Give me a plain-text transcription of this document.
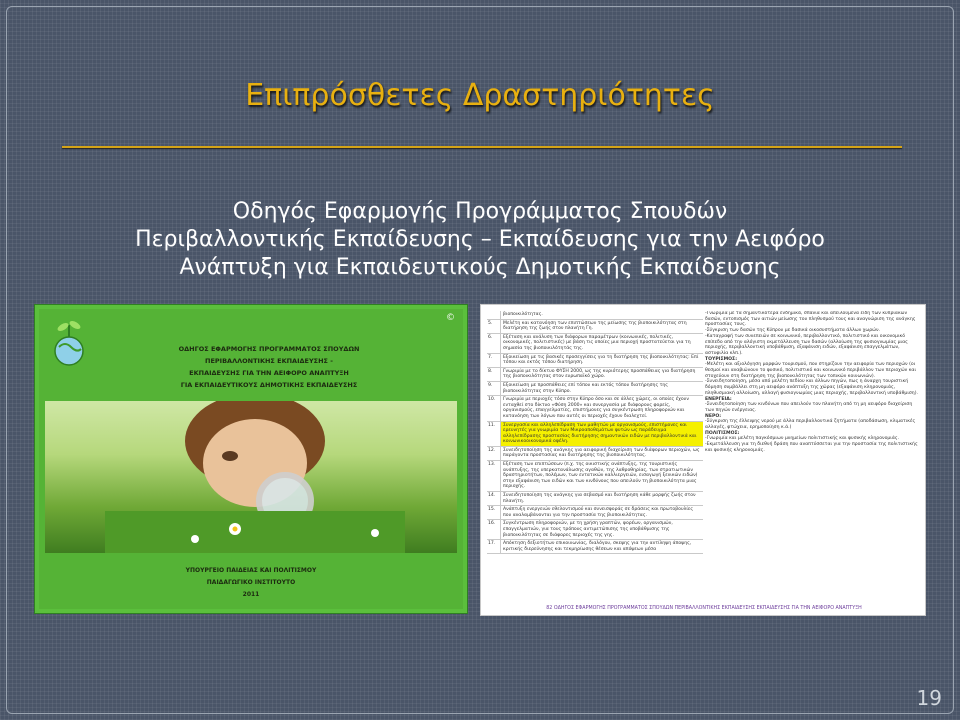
Επιπρόσθετες Δραστηριότητες
Οδηγός Εφαρμογής Προγράμματος Σπουδών
Περιβαλλοντικής Εκπαίδευσης – Εκπαίδευσης για την Αειφόρο
Ανάπτυξη για Εκπαιδευτικούς Δημοτικής Εκπαίδευσης
©
ΟΔΗΓΟΣ ΕΦΑΡΜΟΓΗΣ ΠΡΟΓΡΑΜΜΑΤΟΣ ΣΠΟΥΔΩΝ
ΠΕΡΙΒΑΛΛΟΝΤΙΚΗΣ ΕΚΠΑΙΔΕΥΣΗΣ -
ΕΚΠΑΙΔΕΥΣΗΣ ΓΙΑ ΤΗΝ ΑΕΙΦΟΡΟ ΑΝΑΠΤΥΞΗ
ΓΙΑ ΕΚΠΑΙΔΕΥΤΙΚΟΥΣ ΔΗΜΟΤΙΚΗΣ ΕΚΠΑΙΔΕΥΣΗΣ
ΥΠΟΥΡΓΕΙΟ ΠΑΙΔΕΙΑΣ ΚΑΙ ΠΟΛΙΤΙΣΜΟΥ
ΠΑΙΔΑΓΩΓΙΚΟ ΙΝΣΤΙΤΟΥΤΟ
2011
βιοποικιλότητας.
5.	Μελέτη και κατανόηση των επιπτώσεων της μείωσης της βιοποικιλότητας στη διατήρηση της ζωής στον πλανήτη Γη.
6.	Εξέταση και ανάλυση των διάφορων παραμέτρων (κοινωνικές, πολιτικές, οικονομικές, πολιτιστικές) με βάση τις οποίες μια περιοχή προστατεύεται για τη σημασία της βιοποικιλότητάς της.
7.	Εξοικείωση με τις βασικές προσεγγίσεις για τη διατήρηση της βιοποικιλότητας: Επί τόπου και εκτός τόπου διατήρηση.
8.	Γνωριμία με το δίκτυο ΦΥΣΗ 2000, ως της κυριότερης προσπάθειας για διατήρηση της βιοποικιλότητας στον ευρωπαϊκό χώρο.
9.	Εξοικείωση με προσπάθειες επί τόπου και εκτός τόπου διατήρησης της βιοποικιλότητας στην Κύπρο.
10.	Γνωριμία με περιοχές τόσο στην Κύπρο όσο και σε άλλες χώρες, οι οποίες έχουν ενταχθεί στο δίκτυο «Φύση 2000» και συνεργασία με διάφορους φορείς, οργανισμούς, επαγγελματίες, επιστήμονες για συγκέντρωση πληροφοριών και κατανόηση των λόγων που αυτές οι περιοχές έχουν διαλεχτεί.
11.	Συνεργασία και αλληλεπίδραση των μαθητών με οργανισμούς, επιστήμονες και ερευνητές για γνωριμία των Μικροαποθεμάτων φυτών ως παράδειγμα αλληλεπίδρασης προστασίας διατήρησης σημαντικών ειδών με περιβαλλοντικά και κοινωνικοοικονομικά οφέλη.
12.	Συνειδητοποίηση της ανάγκης για αειφορική διαχείριση των διάφορων περιοχών, ως παράγοντα προστασίας και διατήρησης της βιοποικιλότητας.
13.	Εξέταση των επιπτώσεων (π.χ. της οικιστικής ανάπτυξης, της τουριστικής ανάπτυξης, της υπερκατανάλωσης αγαθών, της λαθροθηρίας, των στρατιωτικών δραστηριοτήτων, πολέμων, των εντατικών καλλιεργειών, εισαγωγή ξενικών ειδών) στην εξαφάνιση των ειδών και των κινδύνους που απειλούν τη βιοποικιλότητα μιας περιοχής.
14.	Συνειδητοποίηση της ανάγκης για σεβασμό και διατήρηση κάθε μορφής ζωής στον πλανήτη.
15.	Ανάπτυξη ενεργειών εθελοντισμού και συνεισφοράς σε δράσεις και πρωτοβουλίες που αναλαμβάνονται για την προστασία της βιοποικιλότητας.
16.	Συγκέντρωση πληροφοριών, με τη χρήση γραπτών, φορέων, οργανισμών, επαγγελματιών, για τους τρόπους αντιμετώπισης της υποβάθμισης της βιοποικιλότητας σε διάφορες περιοχές της γης.
17.	Απόκτηση δεξιοτήτων επικοινωνίας, διαλόγου, σκεψης για την αντίληψη άποψης, κριτικής διερεύνησης και τεκμηρίωσης θέσεων και απόψεων μέσα
-Γνωριμία με τα σημαντικότερα ενδημικά, σπάνια και απειλούμενα είδη των κυπριακών δασών, εντοπισμός των αιτιών μείωσης του πληθυσμού τους και αναγνώριση της ανάγκης προστασίας τους.
-Σύγκριση των δασών της Κύπρου με δασικά οικοσυστήματα άλλων χωρών.
-Καταγραφή των συνεπειών σε κοινωνικό, περιβαλλοντικό, πολιτιστικό και οικονομικό επίπεδο από την αλόγιστη εκμετάλλευση των δασών (αλλοίωση της φυσιογνωμίας μιας περιοχής, περιβαλλοντική υποβάθμιση, εξαφάνιση ειδών, εξαφάνιση επαγγελμάτων, αστυφιλία κλπ.).
ΤΟΥΡΙΣΜΟΣ:
-Μελέτη και αξιολόγηση μορφών τουρισμού, που στηρίζουν την αειφορία των περιοχών (οι θεσμοί και αναβιώνουν το φυσικό, πολιτιστικό και κοινωνικό περιβάλλον των περιοχών και στοχεύουν στη διατήρηση της βιοποικιλότητας των τοπικών κοινωνιών).
-Συνειδητοποίηση, μέσα από μελέτη πεδίου και άλλων πηγών, πως η άναρχη τουριστική δόμηση συμβάλλει στη μη αειφόρο ανάπτυξη της χώρας (εξαφάνιση κληρονομιάς, πληθυσμιακή αλλοίωση, αλλαγή φυσιογνωμίας μιας περιοχής, περιβαλλοντική υποβάθμιση).
ΕΝΕΡΓΕΙΑ:
-Συνειδητοποίηση των κινδύνων που απειλούν τον πλανήτη από τη μη αειφόρο διαχείριση των πηγών ενέργειας.
ΝΕΡΟ:
-Σύγκριση της έλλειψης νερού με άλλα περιβαλλοντικά ζητήματα (αποδάσωση, κλιματικές αλλαγές, φτώχεια, ερημοποίηση κ.ά.)
ΠΟΛΙΤΙΣΜΟΣ:
-Γνωριμία και μελέτη παγκόσμιων μνημείων πολιτιστικής και φυσικής κληρονομιάς.
-Εκμετάλλευση για τη διεθνή δράση που αναπτύσσεται για την προστασία της πολιτιστικής και φυσικής κληρονομιάς.
82 ΟΔΗΓΟΣ ΕΦΑΡΜΟΓΗΣ ΠΡΟΓΡΑΜΜΑΤΟΣ ΣΠΟΥΔΩΝ ΠΕΡΙΒΑΛΛΟΝΤΙΚΗΣ ΕΚΠΑΙΔΕΥΣΗΣ ΕΚΠΑΙΔΕΥΣΗΣ ΓΙΑ ΤΗΝ ΑΕΙΦΟΡΟ ΑΝΑΠΤΥΞΗ
19
